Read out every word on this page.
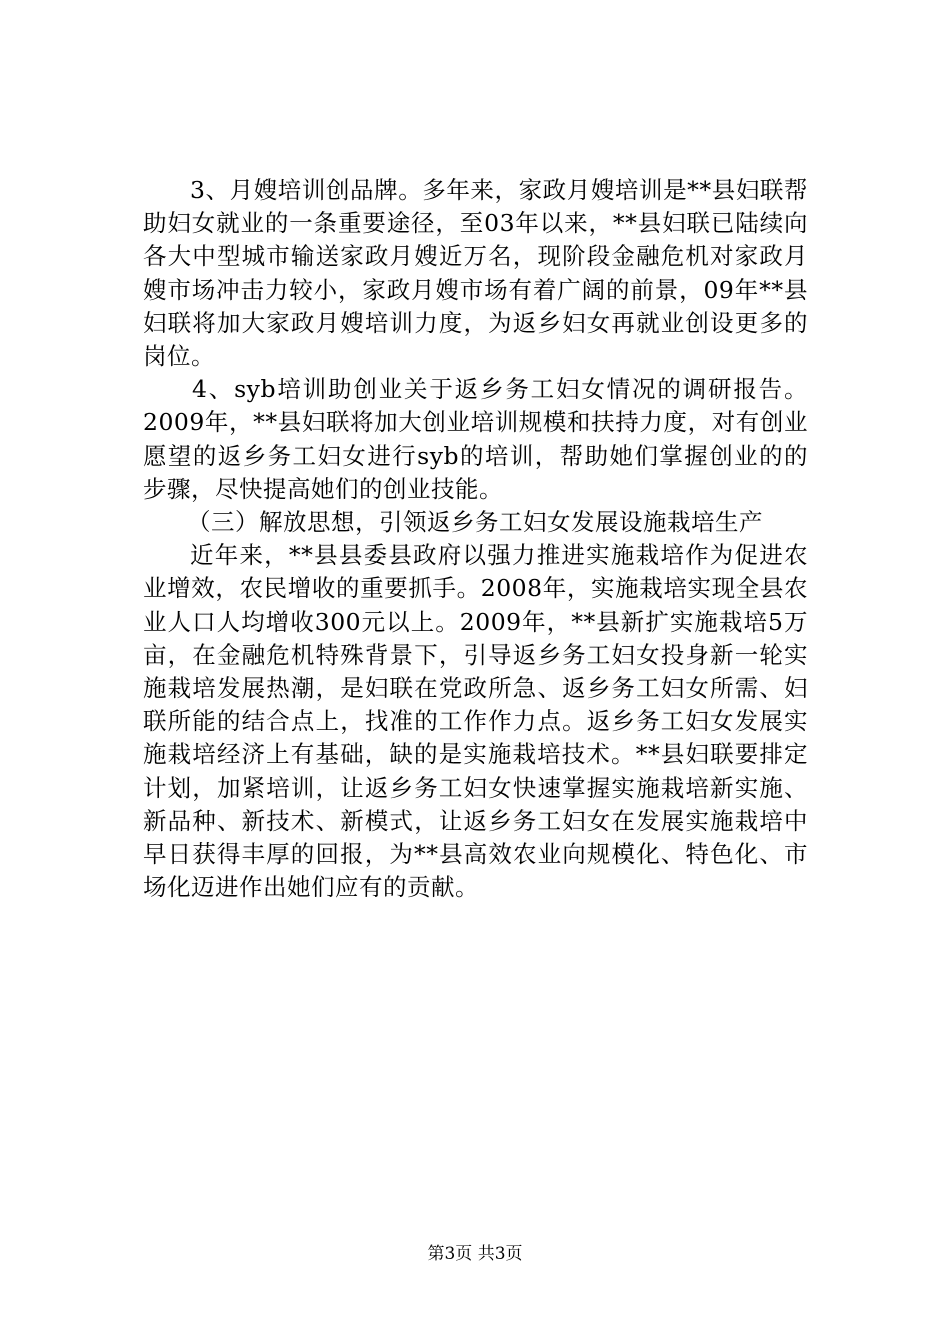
3、月嫂培训创品牌。多年来，家政月嫂培训是**县妇联帮助妇女就业的一条重要途径，至03年以来，**县妇联已陆续向各大中型城市输送家政月嫂近万名，现阶段金融危机对家政月嫂市场冲击力较小，家政月嫂市场有着广阔的前景，09年**县妇联将加大家政月嫂培训力度，为返乡妇女再就业创设更多的岗位。

4、syb培训助创业关于返乡务工妇女情况的调研报告。2009年，**县妇联将加大创业培训规模和扶持力度，对有创业愿望的返乡务工妇女进行syb的培训，帮助她们掌握创业的的步骤，尽快提高她们的创业技能。

（三）解放思想，引领返乡务工妇女发展设施栽培生产

近年来，**县县委县政府以强力推进实施栽培作为促进农业增效，农民增收的重要抓手。2008年，实施栽培实现全县农业人口人均增收300元以上。2009年，**县新扩实施栽培5万亩，在金融危机特殊背景下，引导返乡务工妇女投身新一轮实施栽培发展热潮，是妇联在党政所急、返乡务工妇女所需、妇联所能的结合点上，找准的工作作力点。返乡务工妇女发展实施栽培经济上有基础，缺的是实施栽培技术。**县妇联要排定计划，加紧培训，让返乡务工妇女快速掌握实施栽培新实施、新品种、新技术、新模式，让返乡务工妇女在发展实施栽培中早日获得丰厚的回报，为**县高效农业向规模化、特色化、市场化迈进作出她们应有的贡献。

第3页 共3页
